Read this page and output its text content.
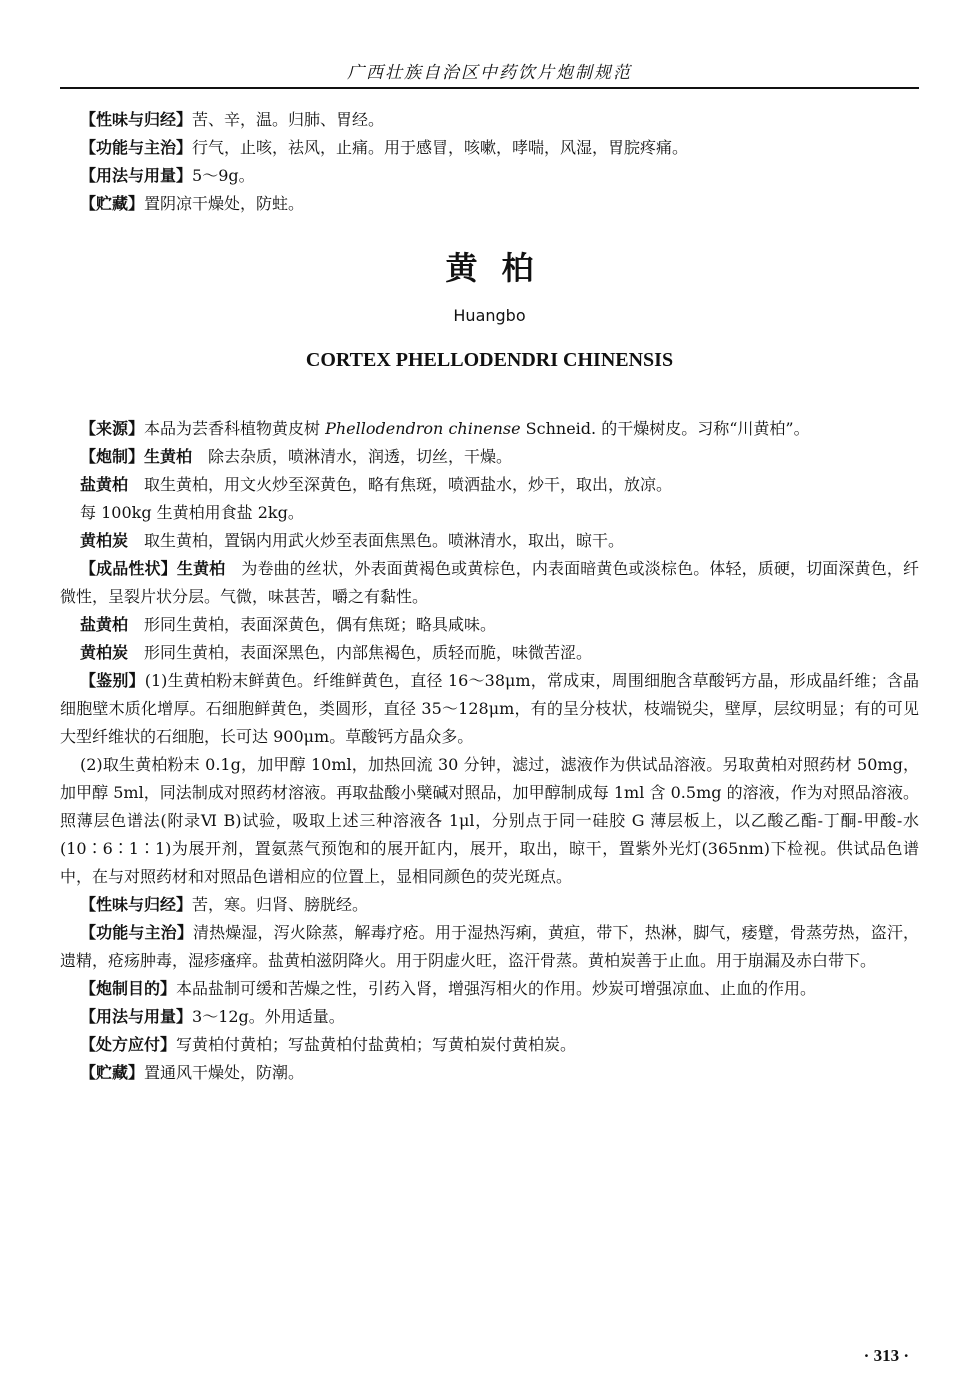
广西壮族自治区中药饮片炮制规范

【性味与归经】苦、辛，温。归肺、胃经。

【功能与主治】行气，止咳，祛风，止痛。用于感冒，咳嗽，哮喘，风湿，胃脘疼痛。

【用法与用量】5～9g。

【贮藏】置阴凉干燥处，防蛀。

黄柏
Huangbo
CORTEX PHELLODENDRI CHINENSIS

【来源】本品为芸香科植物黄皮树 Phellodendron chinense Schneid. 的干燥树皮。习称“川黄柏”。

【炮制】生黄柏　 除去杂质，喷淋清水，润透，切丝，干燥。

盐黄柏　 取生黄柏，用文火炒至深黄色，略有焦斑，喷洒盐水，炒干，取出，放凉。

每 100kg 生黄柏用食盐 2kg。

黄柏炭　 取生黄柏，置锅内用武火炒至表面焦黑色。喷淋清水，取出，晾干。

【成品性状】生黄柏　 为卷曲的丝状，外表面黄褐色或黄棕色，内表面暗黄色或淡棕色。体轻，质硬，切面深黄色，纤微性，呈裂片状分层。气微，味甚苦，嚼之有黏性。

盐黄柏　 形同生黄柏，表面深黄色，偶有焦斑；略具咸味。

黄柏炭　 形同生黄柏，表面深黑色，内部焦褐色，质轻而脆，味微苦涩。

【鉴别】(1)生黄柏粉末鲜黄色。纤维鲜黄色，直径 16～38μm，常成束，周围细胞含草酸钙方晶，形成晶纤维；含晶细胞壁木质化增厚。石细胞鲜黄色，类圆形，直径 35～128μm，有的呈分枝状，枝端锐尖，壁厚，层纹明显；有的可见大型纤维状的石细胞，长可达 900μm。草酸钙方晶众多。

(2)取生黄柏粉末 0.1g，加甲醇 10ml，加热回流 30 分钟，滤过，滤液作为供试品溶液。另取黄柏对照药材 50mg，加甲醇 5ml，同法制成对照药材溶液。再取盐酸小檗碱对照品，加甲醇制成每 1ml 含 0.5mg 的溶液，作为对照品溶液。照薄层色谱法(附录Ⅵ B)试验，吸取上述三种溶液各 1μl，分别点于同一硅胶 G 薄层板上，以乙酸乙酯-丁酮-甲酸-水(10∶6∶1∶1)为展开剂，置氨蒸气预饱和的展开缸内，展开，取出，晾干，置紫外光灯(365nm)下检视。供试品色谱中，在与对照药材和对照品色谱相应的位置上，显相同颜色的荧光斑点。

【性味与归经】苦，寒。归肾、膀胱经。

【功能与主治】清热燥湿，泻火除蒸，解毒疗疮。用于湿热泻痢，黄疸，带下，热淋，脚气，痿躄，骨蒸劳热，盗汗，遗精，疮疡肿毒，湿疹瘙痒。盐黄柏滋阴降火。用于阴虚火旺，盗汗骨蒸。黄柏炭善于止血。用于崩漏及赤白带下。

【炮制目的】本品盐制可缓和苦燥之性，引药入肾，增强泻相火的作用。炒炭可增强凉血、止血的作用。

【用法与用量】3～12g。外用适量。

【处方应付】写黄柏付黄柏；写盐黄柏付盐黄柏；写黄柏炭付黄柏炭。

【贮藏】置通风干燥处，防潮。

· 313 ·
